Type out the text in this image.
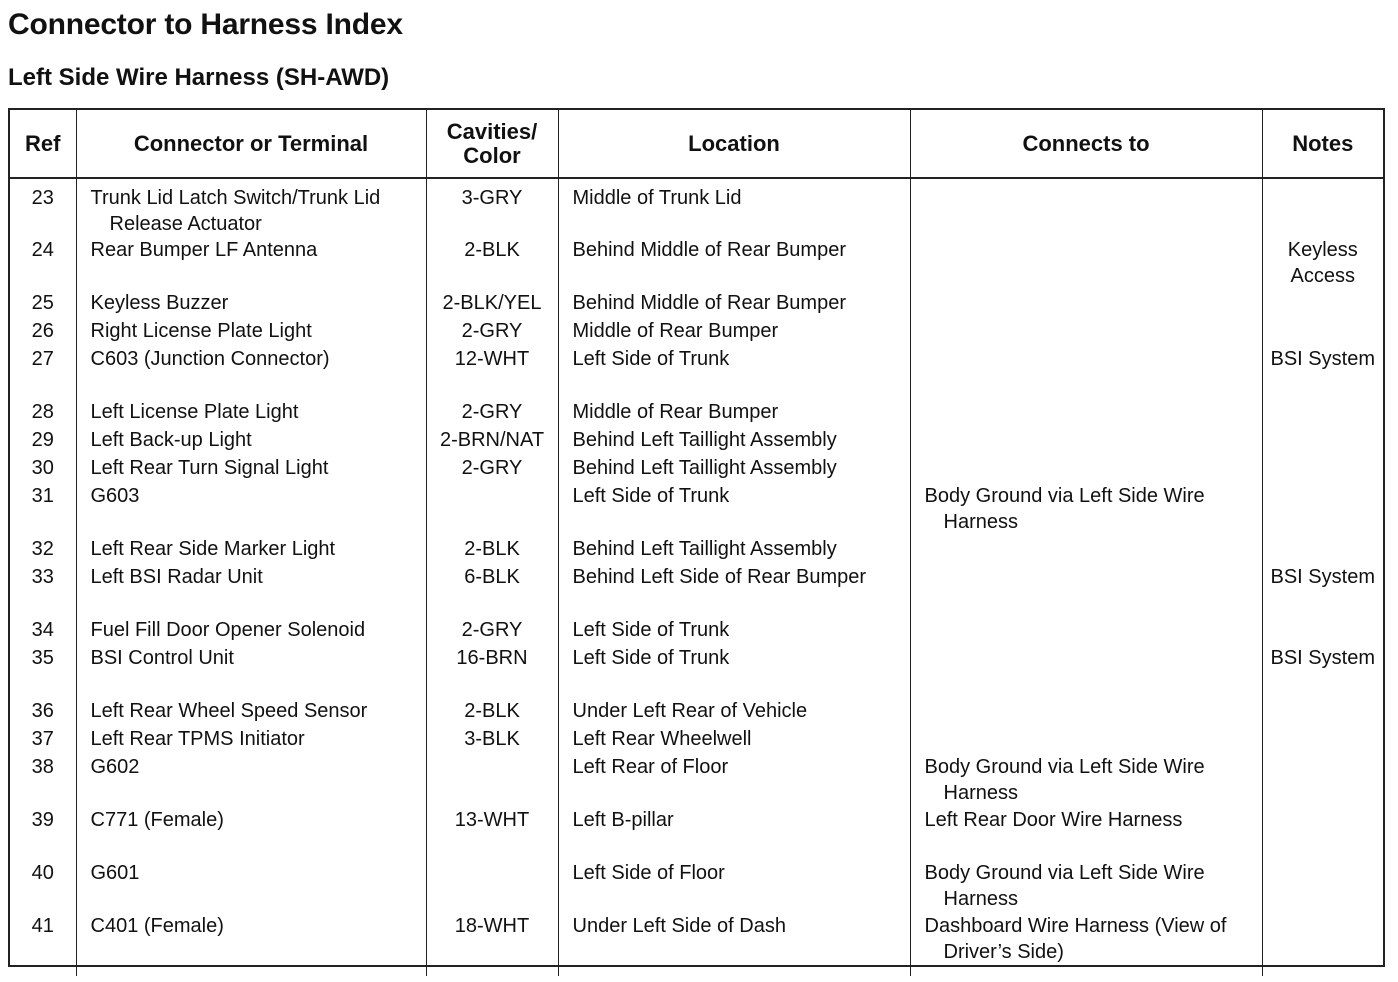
Connector to Harness Index
Left Side Wire Harness (SH-AWD)
Ref	Connector or Terminal	Cavities/ Color	Location	Connects to	Notes
23	Trunk Lid Latch Switch/Trunk Lid Release Actuator	3-GRY	Middle of Trunk Lid	

24	Rear Bumper LF Antenna	2-BLK	Behind Middle of Rear Bumper		Keyless Access
25	Keyless Buzzer	2-BLK/YEL	Behind Middle of Rear Bumper	

26	Right License Plate Light	2-GRY	Middle of Rear Bumper	

27	C603 (Junction Connector)	12-WHT	Left Side of Trunk		BSI System
28	Left License Plate Light	2-GRY	Middle of Rear Bumper	

29	Left Back-up Light	2-BRN/NAT	Behind Left Taillight Assembly	

30	Left Rear Turn Signal Light	2-GRY	Behind Left Taillight Assembly	

31	G603		Left Side of Trunk	Body Ground via Left Side Wire Harness	

32	Left Rear Side Marker Light	2-BLK	Behind Left Taillight Assembly	

33	Left BSI Radar Unit	6-BLK	Behind Left Side of Rear Bumper		BSI System
34	Fuel Fill Door Opener Solenoid	2-GRY	Left Side of Trunk	

35	BSI Control Unit	16-BRN	Left Side of Trunk		BSI System
36	Left Rear Wheel Speed Sensor	2-BLK	Under Left Rear of Vehicle	

37	Left Rear TPMS Initiator	3-BLK	Left Rear Wheelwell	

38	G602		Left Rear of Floor	Body Ground via Left Side Wire Harness	

39	C771 (Female)	13-WHT	Left B-pillar	Left Rear Door Wire Harness	

40	G601		Left Side of Floor	Body Ground via Left Side Wire Harness	

41	C401 (Female)	18-WHT	Under Left Side of Dash	Dashboard Wire Harness (View of Driver’s Side)	
